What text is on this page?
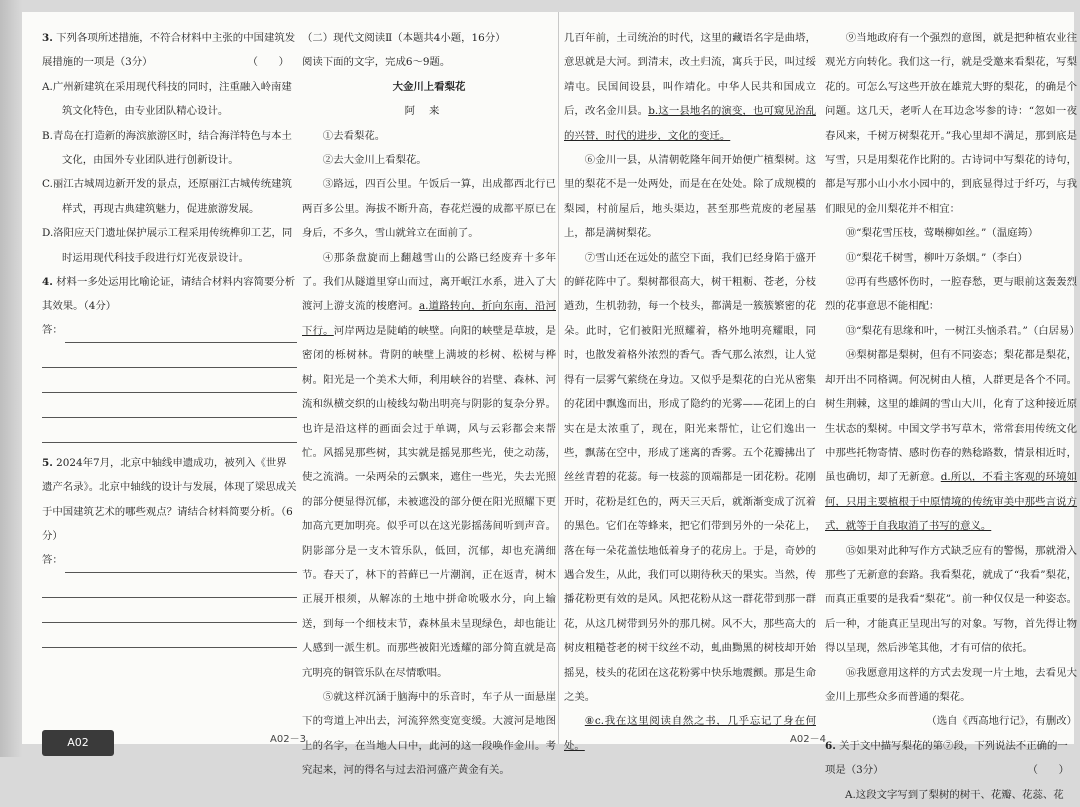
3. 下列各项所述措施，不符合材料中主张的中国建筑发展措施的一项是（3分）	（　　）

A.广州新建筑在采用现代科技的同时，注重融入岭南建筑文化特色，由专业团队精心设计。

B.青岛在打造新的海滨旅游区时，结合海洋特色与本土文化，由国外专业团队进行创新设计。

C.丽江古城周边新开发的景点，还原丽江古城传统建筑样式，再现古典建筑魅力，促进旅游发展。

D.洛阳应天门遗址保护展示工程采用传统榫卯工艺，同时运用现代科技手段进行灯光夜景设计。

4. 材料一多处运用比喻论证，请结合材料内容简要分析其效果。（4分）

答：

5. 2024年7月，北京中轴线申遗成功，被列入《世界遗产名录》。北京中轴线的设计与发展，体现了梁思成关于中国建筑艺术的哪些观点？请结合材料简要分析。（6分）

答：

（二）现代文阅读Ⅱ（本题共4小题，16分）

阅读下面的文字，完成6～9题。

大金川上看梨花

阿来

①去看梨花。

②去大金川上看梨花。

③路远，四百公里。午饭后一算，出成都西北行已两百多公里。海拔不断升高，春花烂漫的成都平原已在身后，不多久，雪山就耸立在面前了。

④那条盘旋而上翻越雪山的公路已经废弃十多年了。我们从隧道里穿山而过，离开岷江水系，进入了大渡河上游支流的梭磨河。a.道路转向，折向东南，沿河下行。河岸两边是陡峭的峡壁。向阳的峡壁是草坡，是密闭的栎树林。背阴的峡壁上满坡的杉树、松树与桦树。阳光是一个美术大师，利用峡谷的岩壁、森林、河流和纵横交织的山棱线勾勒出明亮与阴影的复杂分界。也许是沿这样的画面会过于单调，风与云彩都会来帮忙。风摇晃那些树，其实就是摇晃那些光，使之动荡，使之流淌。一朵两朵的云飘来，遮住一些光，失去光照的部分便显得沉郁，未被遮没的部分便在阳光照耀下更加高亢更加明亮。似乎可以在这光影摇荡间听到声音。阴影部分是一支木管乐队，低回，沉郁，却也充满细节。春天了，林下的苔藓已一片潮润，正在返青，树木正展开根须，从解冻的土地中拼命吮吸水分，向上输送，到每一个细枝末节，森林虽未呈现绿色，却也能让人感到一派生机。而那些被阳光透耀的部分简直就是高亢明亮的铜管乐队在尽情歌唱。

⑤就这样沉涵于脑海中的乐音时，车子从一面悬崖下的弯道上冲出去，河流猝然变宽变缓。大渡河是地图上的名字，在当地人口中，此河的这一段唤作金川。考究起来，河的得名与过去沿河盛产黄金有关。

A02－3

几百年前，土司统治的时代，这里的藏语名字是曲塔，意思就是大河。到清末，改土归流，寓兵于民，叫过绥靖屯。民国间设县，叫作靖化。中华人民共和国成立后，改名金川县。b.这一县地名的演变，也可窥见治乱的兴替，时代的进步，文化的变迁。

⑥金川一县，从清朝乾隆年间开始便广植梨树。这里的梨花不是一处两处，而是在在处处。除了成规模的梨园，村前屋后，地头渠边，甚至那些荒废的老屋基上，都是满树梨花。

⑦雪山还在远处的蓝空下面，我们已经身陷于盛开的鲜花阵中了。梨树都很高大，树干粗粝、苍老，分枝遒劲，生机勃勃，每一个枝头，都满是一簇簇繁密的花朵。此时，它们被阳光照耀着，格外地明亮耀眼，同时，也散发着格外浓烈的香气。香气那么浓烈，让人觉得有一层雾气萦绕在身边。又似乎是梨花的白光从密集的花团中飘逸而出，形成了隐约的光雾——花团上的白实在是太浓重了，现在，阳光来帮忙，让它们逸出一些，飘荡在空中，形成了迷离的香雾。五个花瓣拂出了丝丝青碧的花蕊。每一枝蕊的顶端都是一团花粉。花刚开时，花粉是红色的，两天三天后，就渐渐变成了沉着的黑色。它们在等蜂来，把它们带到另外的一朵花上，落在每一朵花盖怯地低着身子的花房上。于是，奇妙的遇合发生，从此，我们可以期待秋天的果实。当然，传播花粉更有效的是风。风把花粉从这一群花带到那一群花，从这几树带到另外的那几树。风不大，那些高大的树皮粗糙苍老的树干纹丝不动，虬曲黝黑的树枝却开始摇晃，枝头的花团在这花粉雾中快乐地震颤。那是生命之美。

⑧c.我在这里阅读自然之书，几乎忘记了身在何处。

A02－4

⑨当地政府有一个强烈的意图，就是把种植农业往观光方向转化。我们这一行，就是受邀来看梨花，写梨花的。可怎么写这些开放在雄荒大野的梨花，的确是个问题。这几天，老听人在耳边念岑参的诗：“忽如一夜春风来，千树万树梨花开。”我心里却不满足，那到底是写雪，只是用梨花作比附的。古诗词中写梨花的诗句，都是写那小山小水小园中的，到底显得过于纤巧，与我们眼见的金川梨花并不相宜：

⑩“梨花雪压枝，莺啭柳如丝。”（温庭筠）

⑪“梨花千树雪，柳叶万条烟。”（李白）

⑫再有些感怀伤时，一腔春愁，更与眼前这轰轰烈烈的花事意思不能相配：

⑬“梨花有思缘和叶，一树江头恼杀君。”（白居易）

⑭梨树都是梨树，但有不同姿态；梨花都是梨花，却开出不同格调。何况树由人植，人群更是各个不同。树生荆棘，这里的雄阔的雪山大川，化育了这种接近原生状态的梨树。中国文学书写草木，常常套用传统文化中那些托物寄情、感时伤春的熟稔路数，情景相近时，虽也确切，却了无新意。d.所以，不看主客观的环境如何，只用主要植根于中原情境的传统审美中那些言说方式，就等于自我取消了书写的意义。

⑮如果对此种写作方式缺乏应有的警惕，那就滑入那些了无新意的套路。我看梨花，就成了“我看”梨花，而真正重要的是我看“梨花”。前一种仅仅是一种姿态。后一种，才能真正呈现出写的对象。写物，首先得让物得以呈现，然后涉笔其他，才有可信的依托。

⑯我愿意用这样的方式去发现一片土地，去看见大金川上那些众多而普通的梨花。

（选自《西高地行记》，有删改）

6. 关于文中描写梨花的第⑦段，下列说法不正确的一项是（3分）	（　　）

A.这段文字写到了梨树的树干、花瓣、花蕊、花

A02
